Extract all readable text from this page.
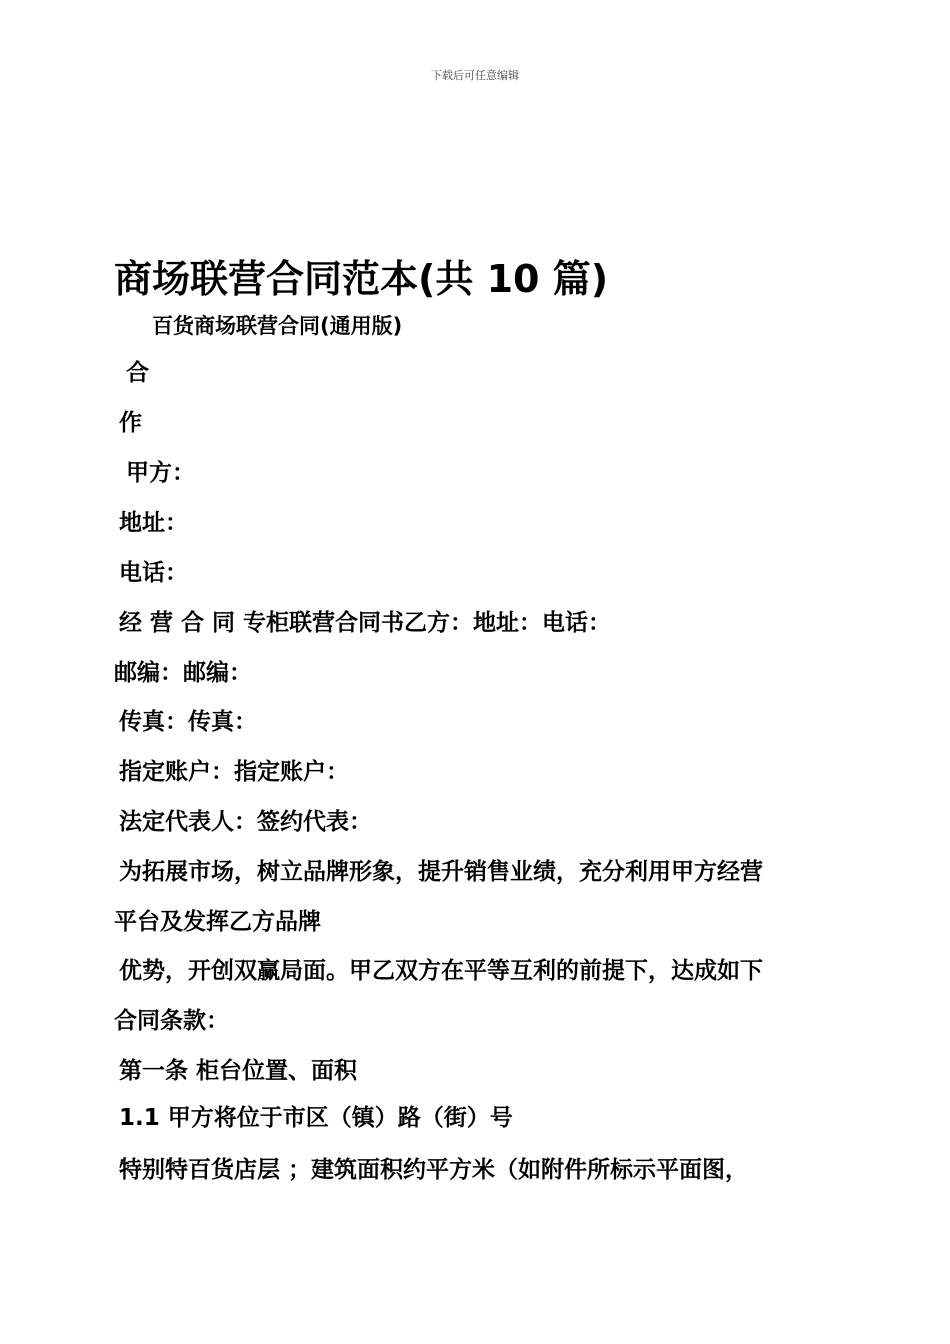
下载后可任意编辑
商场联营合同范本(共 10 篇)
百货商场联营合同(通用版)
合
作
甲方：
地址：
电话：
经 营 合 同 专柜联营合同书乙方：地址：电话：
邮编：邮编：
传真：传真：
指定账户：指定账户：
法定代表人：签约代表：
为拓展市场，树立品牌形象，提升销售业绩，充分利用甲方经营
平台及发挥乙方品牌
优势，开创双赢局面。甲乙双方在平等互利的前提下，达成如下
合同条款：
第一条 柜台位置、面积
1.1 甲方将位于市区（镇）路（街）号
特别特百货店层 ；建筑面积约平方米（如附件所标示平面图，
